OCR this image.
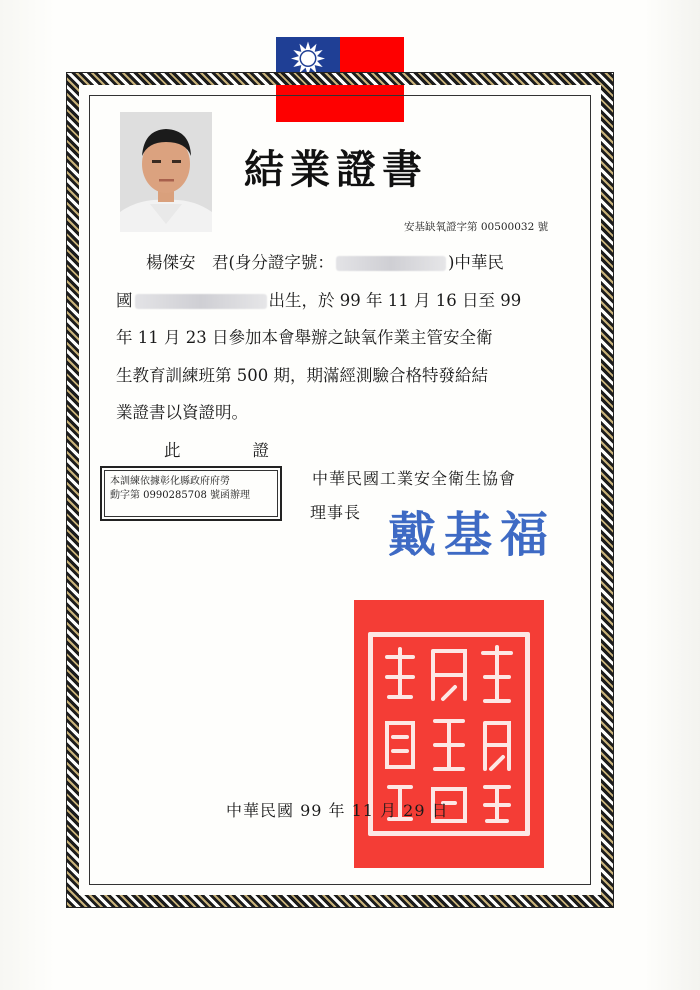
結業證書
安基缺氧證字第 00500032 號
楊傑安　君(身分證字號：	)中華民
國	出生，於 99 年 11 月 16 日至 99
年 11 月 23 日參加本會舉辦之缺氧作業主管安全衛
生教育訓練班第 500 期，期滿經測驗合格特發給結
業證書以資證明。
此	證
本訓練依據彰化縣政府府勞
動字第 0990285708 號函辦理
中華民國工業安全衛生協會
理事長 戴基福
中華民國 99 年 11 月 29 日
